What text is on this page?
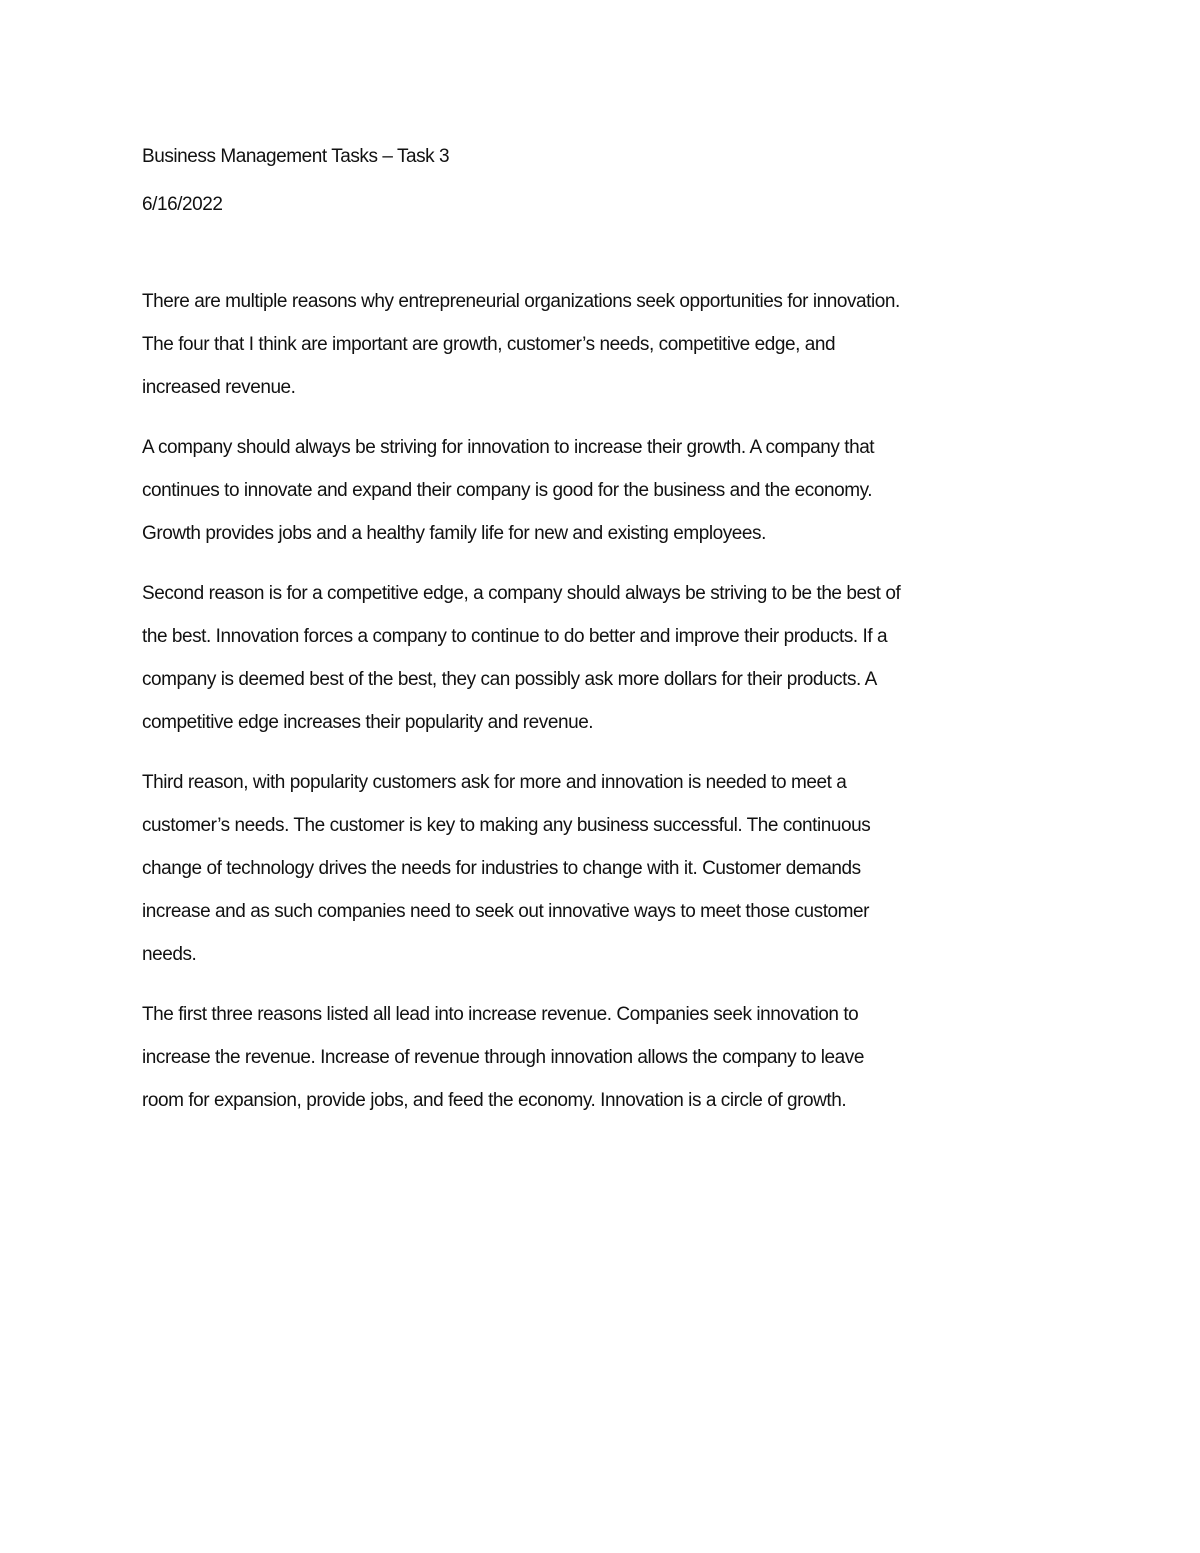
Business Management Tasks – Task 3
6/16/2022
There are multiple reasons why entrepreneurial organizations seek opportunities for innovation.
The four that I think are important are growth, customer’s needs, competitive edge, and
increased revenue.
A company should always be striving for innovation to increase their growth. A company that
continues to innovate and expand their company is good for the business and the economy.
Growth provides jobs and a healthy family life for new and existing employees.
Second reason is for a competitive edge, a company should always be striving to be the best of
the best. Innovation forces a company to continue to do better and improve their products. If a
company is deemed best of the best, they can possibly ask more dollars for their products. A
competitive edge increases their popularity and revenue.
Third reason, with popularity customers ask for more and innovation is needed to meet a
customer’s needs. The customer is key to making any business successful. The continuous
change of technology drives the needs for industries to change with it. Customer demands
increase and as such companies need to seek out innovative ways to meet those customer
needs.
The first three reasons listed all lead into increase revenue. Companies seek innovation to
increase the revenue. Increase of revenue through innovation allows the company to leave
room for expansion, provide jobs, and feed the economy. Innovation is a circle of growth.
